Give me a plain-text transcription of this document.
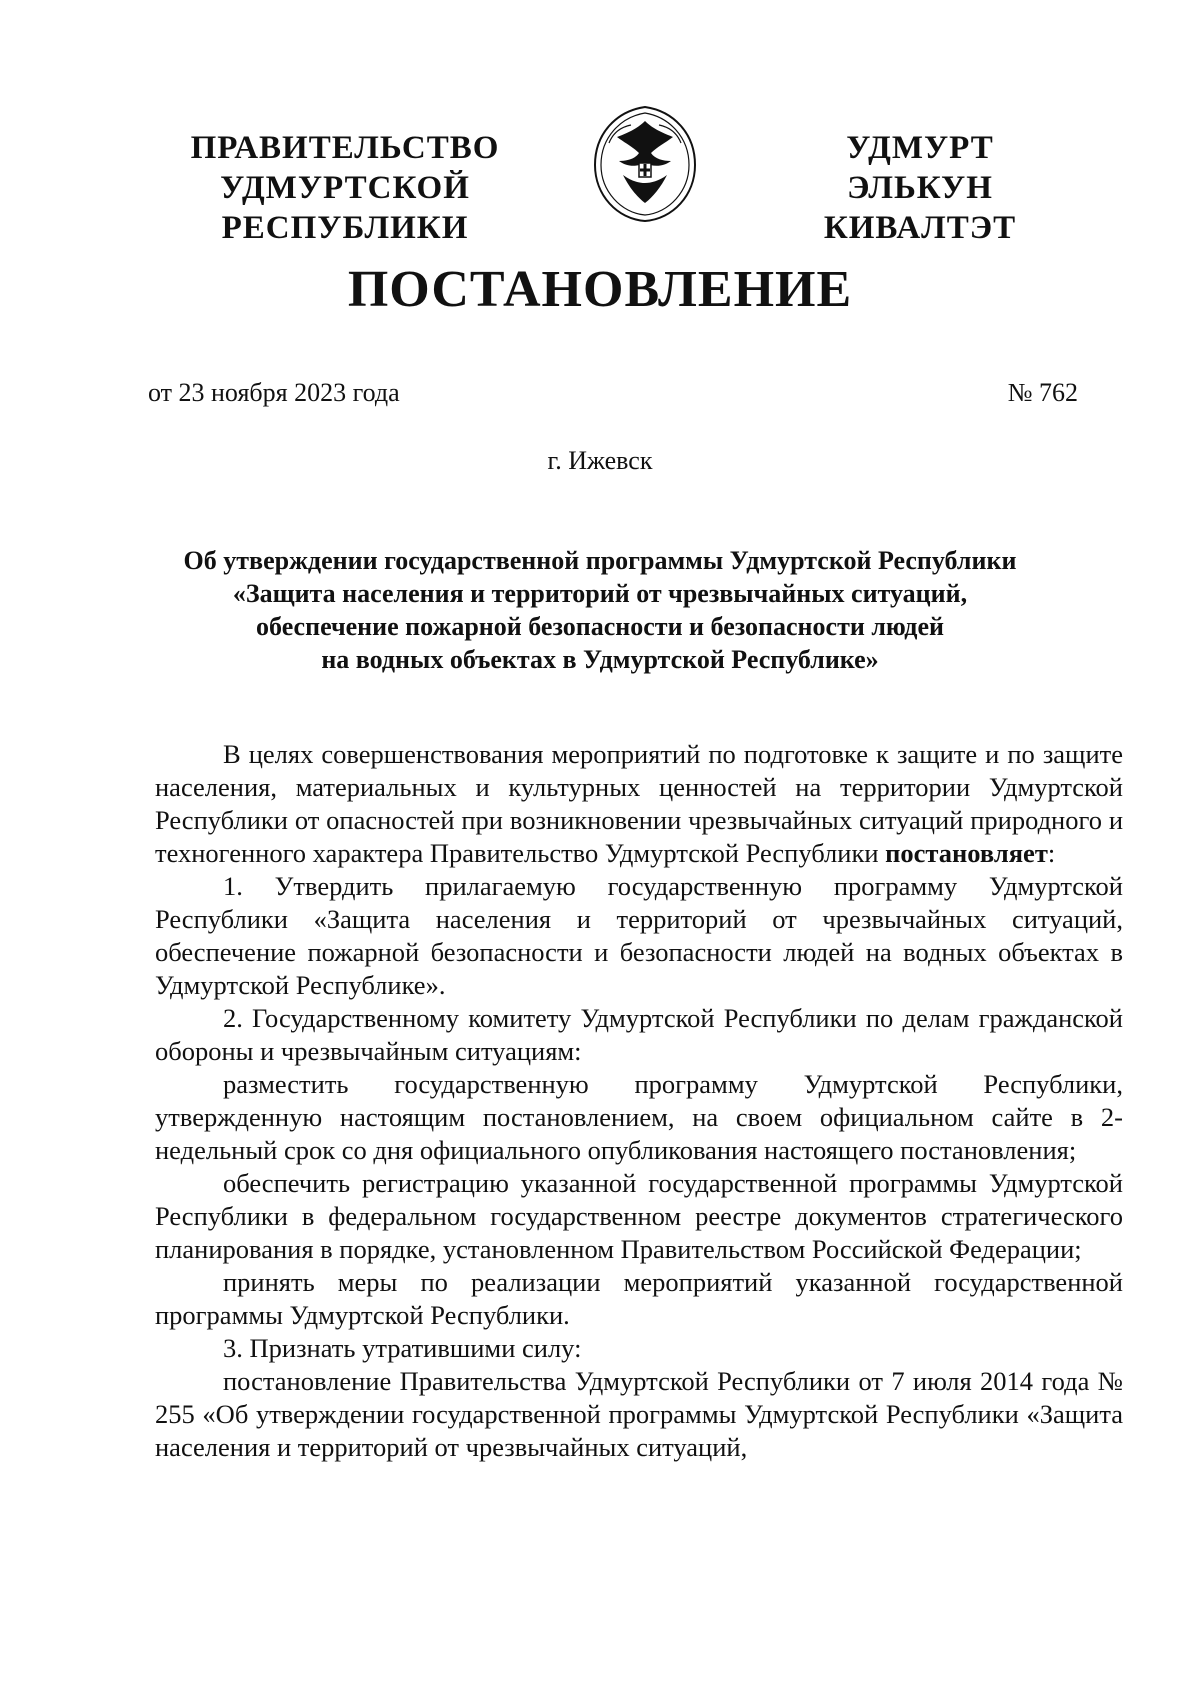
ПРАВИТЕЛЬСТВО
УДМУРТСКОЙ РЕСПУБЛИКИ
УДМУРТ ЭЛЬКУН
КИВАЛТЭТ
ПОСТАНОВЛЕНИЕ
от 23 ноября 2023 года	№ 762
г. Ижевск
Об утверждении государственной программы Удмуртской Республики
«Защита населения и территорий от чрезвычайных ситуаций,
обеспечение пожарной безопасности и безопасности людей
на водных объектах в Удмуртской Республике»

В целях совершенствования мероприятий по подготовке к защите и по защите населения, материальных и культурных ценностей на территории Удмуртской Республики от опасностей при возникновении чрезвычайных ситуаций природного и техногенного характера Правительство Удмуртской Республики постановляет:

1. Утвердить прилагаемую государственную программу Удмуртской Республики «Защита населения и территорий от чрезвычайных ситуаций, обеспечение пожарной безопасности и безопасности людей на водных объектах в Удмуртской Республике».

2. Государственному комитету Удмуртской Республики по делам гражданской обороны и чрезвычайным ситуациям:

разместить государственную программу Удмуртской Республики, утвержденную настоящим постановлением, на своем официальном сайте в 2-недельный срок со дня официального опубликования настоящего постановления;

обеспечить регистрацию указанной государственной программы Удмуртской Республики в федеральном государственном реестре документов стратегического планирования в порядке, установленном Правительством Российской Федерации;

принять меры по реализации мероприятий указанной государственной программы Удмуртской Республики.

3. Признать утратившими силу:

постановление Правительства Удмуртской Республики от 7 июля 2014 года № 255 «Об утверждении государственной программы Удмуртской Республики «Защита населения и территорий от чрезвычайных ситуаций,
